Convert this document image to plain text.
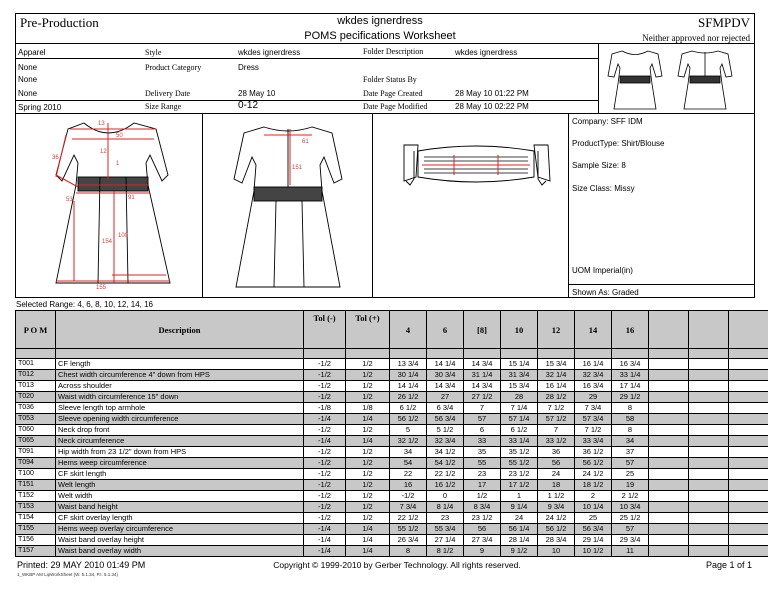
Pre-Production	wkdes ignerdress
POMS pecifications Worksheet
SFMPDV
Neither approved nor rejected
Apparel
None
None
None
Spring 2010
Style	wkdes ignerdress
Product Category	Dress
Delivery Date	28 May 10
Size Range	0-12
Folder Description	wkdes ignerdress
Folder Status By
Date Page Created	28 May 10 01:22 PM
Date Page Modified	28 May 10 02:22 PM
13
50
12
1
36
91
53
100
154
155
61
151
Company: SFF IDM
ProductType: Shirt/Blouse
Sample Size: 8
Size Class: Missy
UOM Imperial(in)
Shown As: Graded
Selected Range: 4, 6, 8, 10, 12, 14, 16
P O M	Description	Tol (-)	Tol (+)	4	6	[8]	10	12	14	16			

T001	CF length	-1/2	1/2	13 3/4	14 1/4	14 3/4	15 1/4	15 3/4	16 1/4	16 3/4			
T012	Chest width circumference 4" down from HPS	-1/2	1/2	30 1/4	30 3/4	31 1/4	31 3/4	32 1/4	32 3/4	33 1/4			
T013	Across shoulder	-1/2	1/2	14 1/4	14 3/4	14 3/4	15 3/4	16 1/4	16 3/4	17 1/4			
T020	Waist width circumference 15" down	-1/2	1/2	26 1/2	27	27 1/2	28	28 1/2	29	29 1/2			
T036	Sleeve length top armhole	-1/8	1/8	6 1/2	6 3/4	7	7 1/4	7 1/2	7 3/4	8			
T053	Sleeve opening width circumference	-1/4	1/4	56 1/2	56 3/4	57	57 1/4	57 1/2	57 3/4	58			
T060	Neck drop front	-1/2	1/2	5	5 1/2	6	6 1/2	7	7 1/2	8			
T065	Neck circumference	-1/4	1/4	32 1/2	32 3/4	33	33 1/4	33 1/2	33 3/4	34			
T091	Hip width from 23 1/2" down from HPS	-1/2	1/2	34	34 1/2	35	35 1/2	36	36 1/2	37			
T094	Hems weep circumference	-1/2	1/2	54	54 1/2	55	55 1/2	56	56 1/2	57			
T100	CF skirt length	-1/2	1/2	22	22 1/2	23	23 1/2	24	24 1/2	25			
T151	Welt length	-1/2	1/2	16	16 1/2	17	17 1/2	18	18 1/2	19			
T152	Welt width	-1/2	1/2	-1/2	0	1/2	1	1 1/2	2	2 1/2			
T153	Waist band height	-1/2	1/2	7 3/4	8 1/4	8 3/4	9 1/4	9 3/4	10 1/4	10 3/4			
T154	CF skirt overlay length	-1/2	1/2	22 1/2	23	23 1/2	24	24 1/2	25	25 1/2			
T155	Hems weep overlay circumference	-1/4	1/4	55 1/2	55 3/4	56	56 1/4	56 1/2	56 3/4	57			
T156	Waist band overlay height	-1/4	1/4	26 3/4	27 1/4	27 3/4	28 1/4	28 3/4	29 1/4	29 3/4			
T157	Waist band overlay width	-1/4	1/4	8	8 1/2	9	9 1/2	10	10 1/2	11			
Printed: 29 MAY 2010 01:49 PM
1_WKBP AM LipWorkSheet (W. 5.1.34, P.I. 5.1.34)
Copyright © 1999-2010 by Gerber Technology. All rights reserved.	Page 1 of 1
